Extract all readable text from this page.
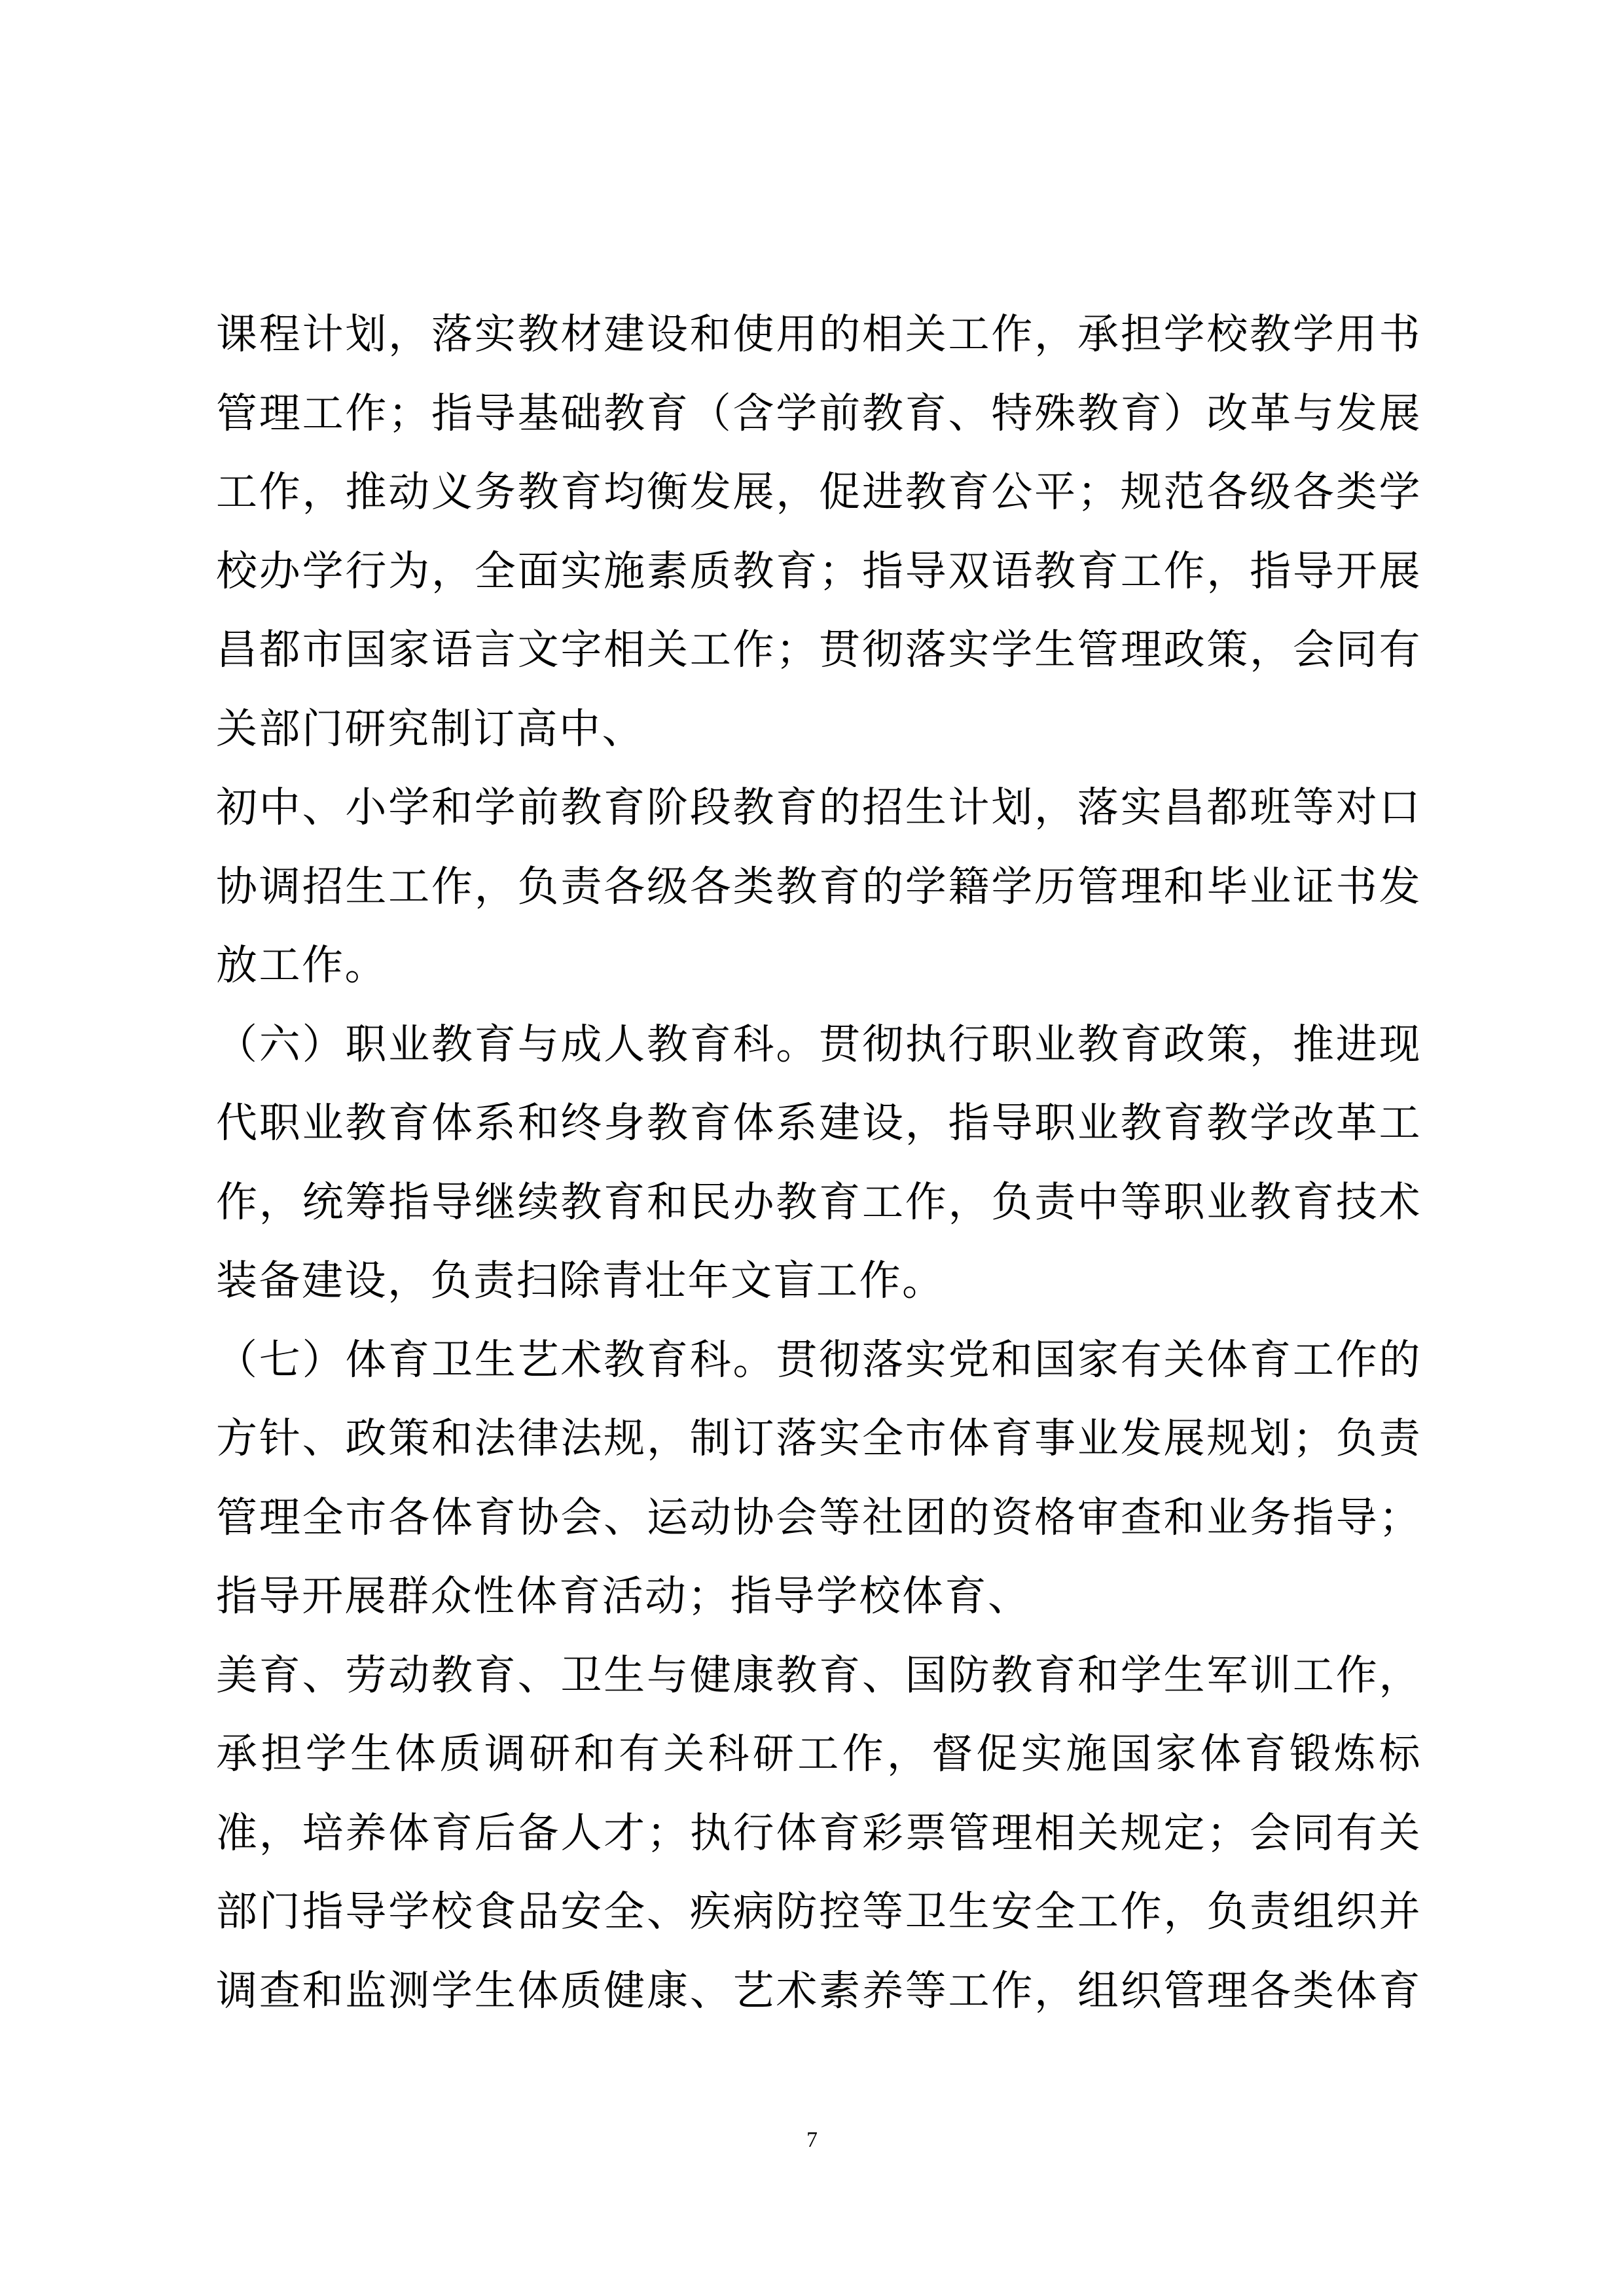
课程计划，落实教材建设和使用的相关工作，承担学校教学用书
管理工作；指导基础教育（含学前教育、特殊教育）改革与发展
工作，推动义务教育均衡发展，促进教育公平；规范各级各类学
校办学行为，全面实施素质教育；指导双语教育工作，指导开展
昌都市国家语言文字相关工作；贯彻落实学生管理政策，会同有
关部门研究制订高中、
初中、小学和学前教育阶段教育的招生计划，落实昌都班等对口
协调招生工作，负责各级各类教育的学籍学历管理和毕业证书发
放工作。
（六）职业教育与成人教育科。贯彻执行职业教育政策，推进现
代职业教育体系和终身教育体系建设，指导职业教育教学改革工
作，统筹指导继续教育和民办教育工作，负责中等职业教育技术
装备建设，负责扫除青壮年文盲工作。
（七）体育卫生艺术教育科。贯彻落实党和国家有关体育工作的
方针、政策和法律法规，制订落实全市体育事业发展规划；负责
管理全市各体育协会、运动协会等社团的资格审查和业务指导；
指导开展群众性体育活动；指导学校体育、
美育、劳动教育、卫生与健康教育、国防教育和学生军训工作，
承担学生体质调研和有关科研工作，督促实施国家体育锻炼标
准，培养体育后备人才；执行体育彩票管理相关规定；会同有关
部门指导学校食品安全、疾病防控等卫生安全工作，负责组织并
调查和监测学生体质健康、艺术素养等工作，组织管理各类体育
7
